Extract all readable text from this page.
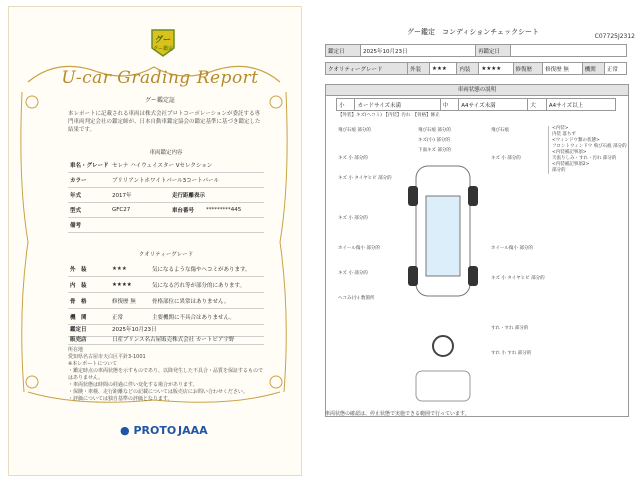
グー
グー鑑定
U-car Grading Report
グー鑑定証
本レポートに記載される車両は株式会社プロトコーポレーションが委託する専門車両判定会社の鑑定師が、日本自動車鑑定協会の鑑定基準に基づき鑑定した結果です。
車両鑑定内容
車名・グレード セレナ ハイウェイスター Vセレクション
カラー	ブリリアントホワイトパール3コートパール
年式	2017年	走行距離表示
型式	GFC27	車台番号	*********445
備考
クオリティーグレード
外　装	★★★	気になるような傷やヘコミがあります。
内　装	★★★★	気になる汚れ等が部分的にあります。
骨　格	修復歴 無	骨格部位に異常はありません。
機　関	正常	主要機関に不具合はありません。
鑑定日	2025年10月23日
販売店	日産プリンス名古屋販売株式会社 カートピア宇野
所在地
愛知県名古屋市天白区平針3-1001
※本レポートについて
・鑑定時点の車両状態を示すものであり、以降発生した不具合・品質を保証するものではありません。
・車両状態は時間の経過に伴い変化する場合があります。
・保険・車検、走行距離などの記載については販売店にお問い合わせください。
・評価については独自基準の評価となります。
● PROTO JAAA
グー鑑定　コンディションチェックシート
C07725J2312
鑑定日	2025年10月23日	再鑑定日	
クオリティーグレード	外装	★★★	内装	★★★★	修復歴	修復歴 無	機関	正常
車両状態の説明
小	カードサイズ未満	中	A4サイズ未満	大	A4サイズ以上
【外装】キズ(ヘコミ) 【内装】汚れ　【骨格】修正
飛び石痕 部分的
キズ 小 部分的
キズ 小 タイヤヒビ 部分的
キズ 小 部分的
ホイール傷小 部分的
キズ 小 部分的
ヘコみ(小) 数箇所
飛び石痕 部分的
キズ(小) 部分的
下面キズ 部分的
飛び石痕
キズ 小 部分的
ホイール傷小 部分的
キズ 小 タイヤヒビ 部分的
すれ・すれ 部分的
すれ 小 すれ 部分的
<内装>
内装 落ちず
<ウィンドウ類の状態>
フロントウィンドウ 飛び石痕 部分的
<内装補記事項>
天張りしみ・すれ・汚れ 部分的
<内装補記事項2>
部分的
車両状態の確認は、停止状態で実施できる範囲で行っています。
